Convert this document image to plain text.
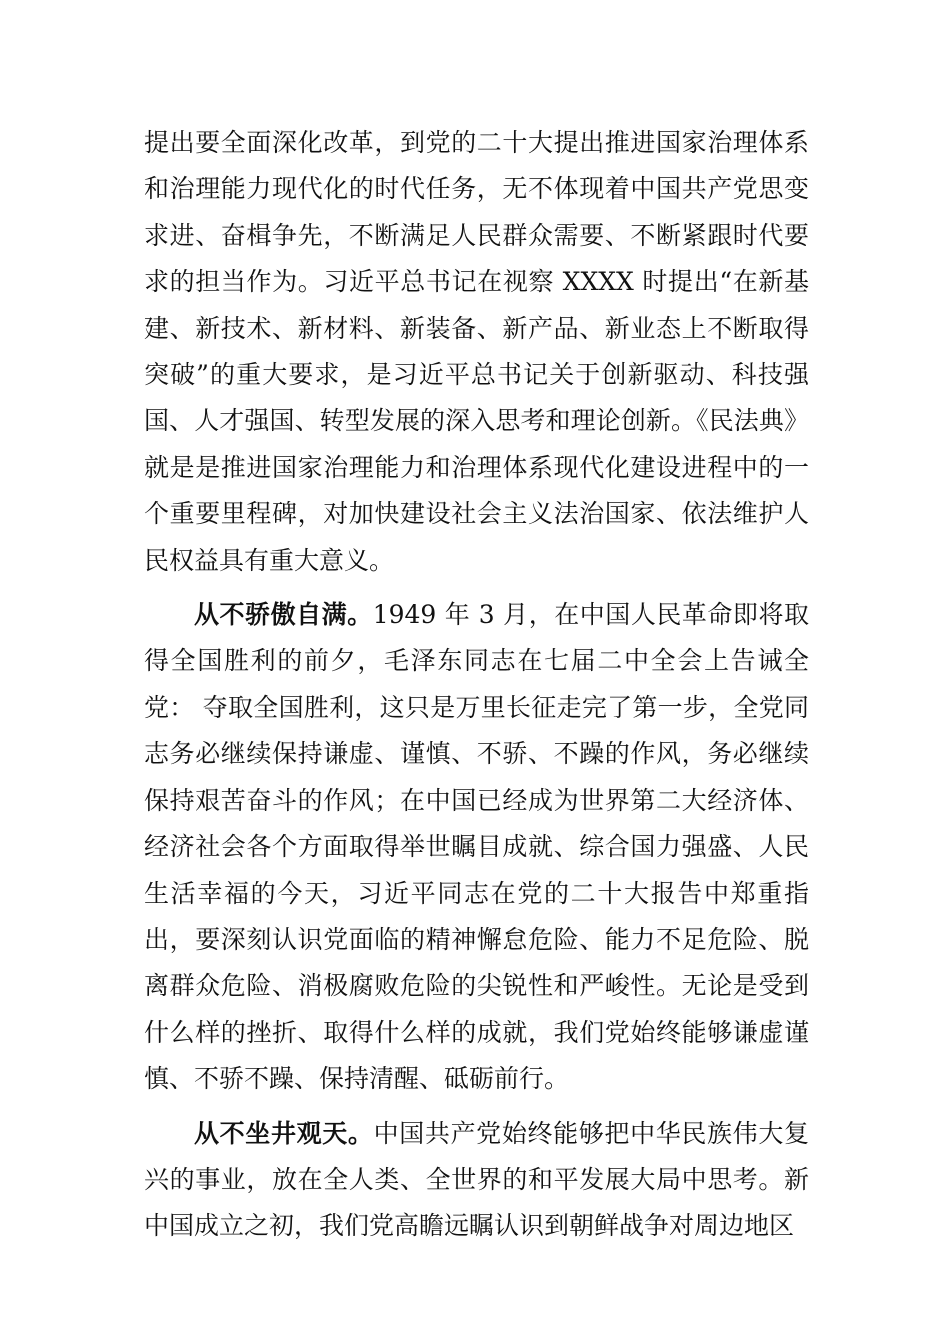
提出要全面深化改革，到党的二十大提出推进国家治理体系和治理能力现代化的时代任务，无不体现着中国共产党思变求进、奋楫争先，不断满足人民群众需要、不断紧跟时代要求的担当作为。习近平总书记在视察 XXXX 时提出“在新基建、新技术、新材料、新装备、新产品、新业态上不断取得突破”的重大要求，是习近平总书记关于创新驱动、科技强国、人才强国、转型发展的深入思考和理论创新。《民法典》就是是推进国家治理能力和治理体系现代化建设进程中的一个重要里程碑，对加快建设社会主义法治国家、依法维护人民权益具有重大意义。

从不骄傲自满。1949 年 3 月，在中国人民革命即将取得全国胜利的前夕，毛泽东同志在七届二中全会上告诫全党： 夺取全国胜利，这只是万里长征走完了第一步，全党同志务必继续保持谦虚、谨慎、不骄、不躁的作风，务必继续保持艰苦奋斗的作风；在中国已经成为世界第二大经济体、经济社会各个方面取得举世瞩目成就、综合国力强盛、人民生活幸福的今天，习近平同志在党的二十大报告中郑重指出，要深刻认识党面临的精神懈怠危险、能力不足危险、脱离群众危险、消极腐败危险的尖锐性和严峻性。无论是受到什么样的挫折、取得什么样的成就，我们党始终能够谦虚谨慎、不骄不躁、保持清醒、砥砺前行。

从不坐井观天。中国共产党始终能够把中华民族伟大复兴的事业，放在全人类、全世界的和平发展大局中思考。新中国成立之初，我们党高瞻远瞩认识到朝鲜战争对周边地区
